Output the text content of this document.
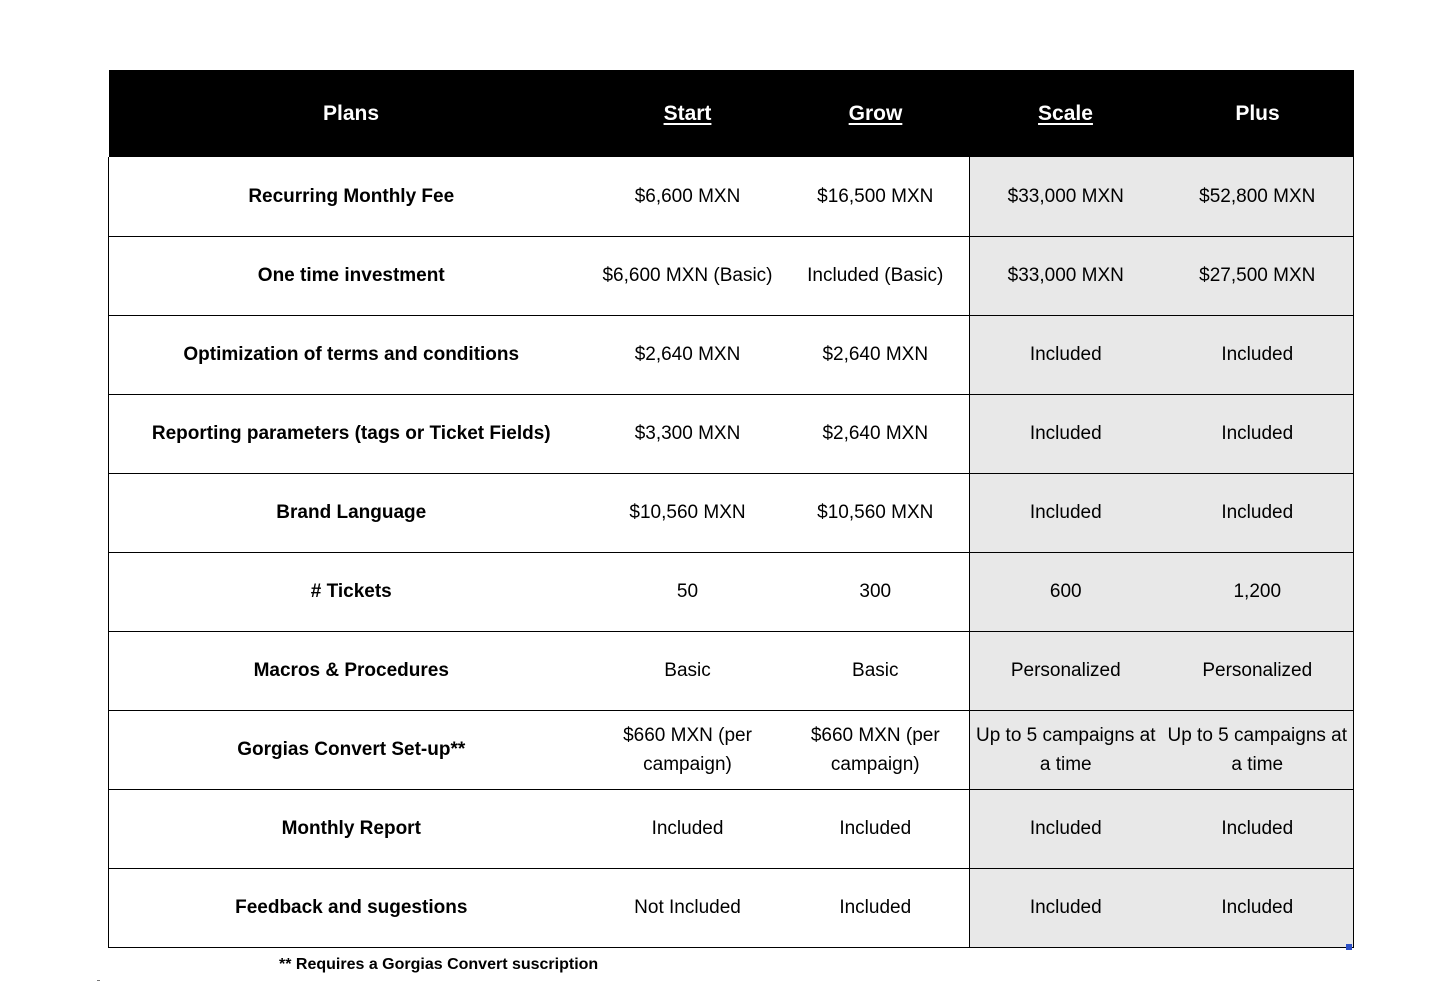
Plans	Start	Grow	Scale	Plus
Recurring Monthly Fee	$6,600 MXN	$16,500 MXN	$33,000 MXN	$52,800 MXN
One time investment	$6,600 MXN (Basic)	Included (Basic)	$33,000 MXN	$27,500 MXN
Optimization of terms and conditions	$2,640 MXN	$2,640 MXN	Included	Included
Reporting parameters (tags or Ticket Fields)	$3,300 MXN	$2,640 MXN	Included	Included
Brand Language	$10,560 MXN	$10,560 MXN	Included	Included
# Tickets	50	300	600	1,200
Macros & Procedures	Basic	Basic	Personalized	Personalized
Gorgias Convert Set-up**	$660 MXN (per campaign)	$660 MXN (per campaign)	Up to 5 campaigns at a time	Up to 5 campaigns at a time
Monthly Report	Included	Included	Included	Included
Feedback and sugestions	Not Included	Included	Included	Included
** Requires a Gorgias Convert suscription
